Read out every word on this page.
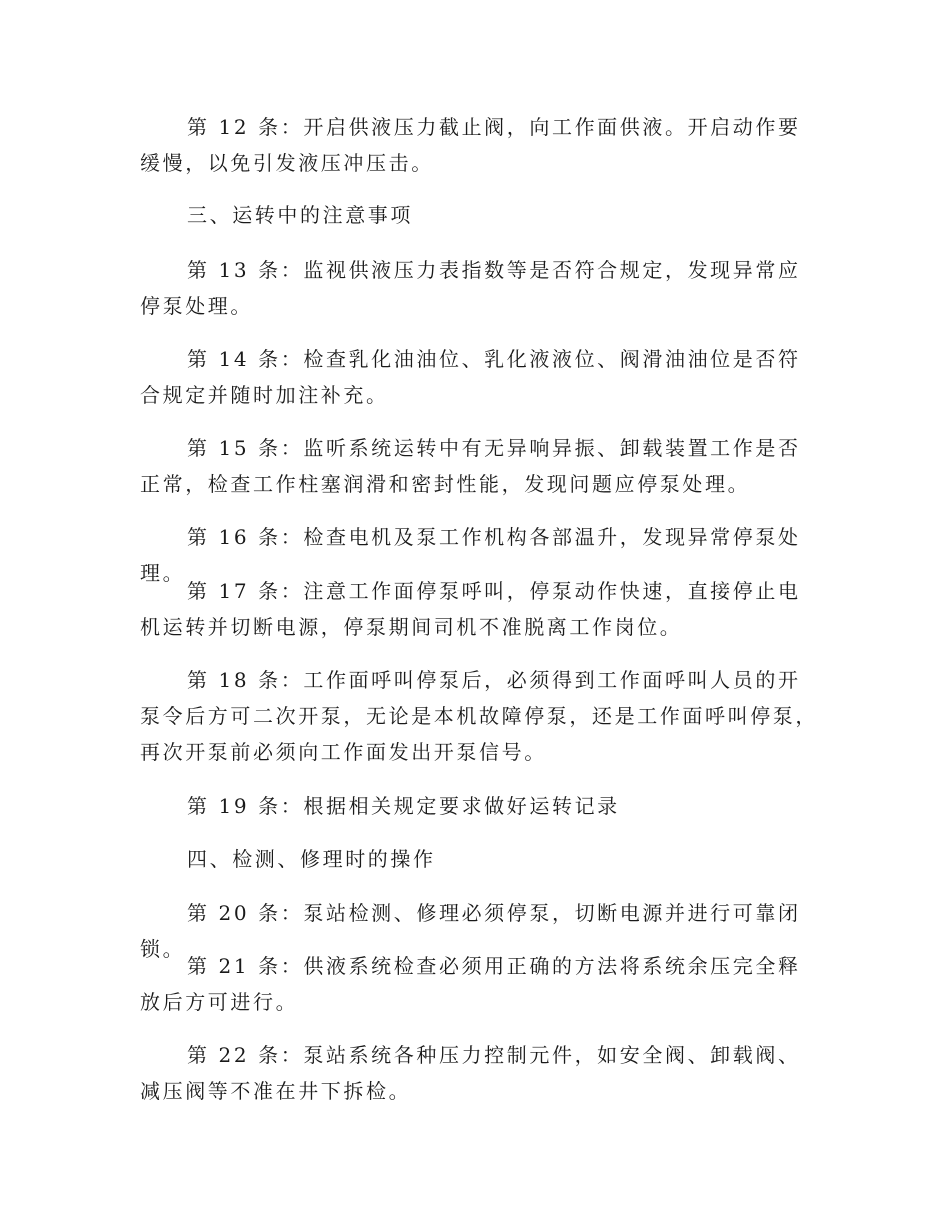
第 12 条：开启供液压力截止阀，向工作面供液。开启动作要缓慢，以免引发液压冲压击。

三、运转中的注意事项

第 13 条：监视供液压力表指数等是否符合规定，发现异常应停泵处理。

第 14 条：检查乳化油油位、乳化液液位、阀滑油油位是否符合规定并随时加注补充。

第 15 条：监听系统运转中有无异响异振、卸载装置工作是否正常，检查工作柱塞润滑和密封性能，发现问题应停泵处理。

第 16 条：检查电机及泵工作机构各部温升，发现异常停泵处理。

第 17 条：注意工作面停泵呼叫，停泵动作快速，直接停止电机运转并切断电源，停泵期间司机不准脱离工作岗位。

第 18 条：工作面呼叫停泵后，必须得到工作面呼叫人员的开泵令后方可二次开泵，无论是本机故障停泵，还是工作面呼叫停泵，再次开泵前必须向工作面发出开泵信号。

第 19 条：根据相关规定要求做好运转记录

四、检测、修理时的操作

第 20 条：泵站检测、修理必须停泵，切断电源并进行可靠闭锁。

第 21 条：供液系统检查必须用正确的方法将系统余压完全释放后方可进行。

第 22 条：泵站系统各种压力控制元件，如安全阀、卸载阀、减压阀等不准在井下拆检。
